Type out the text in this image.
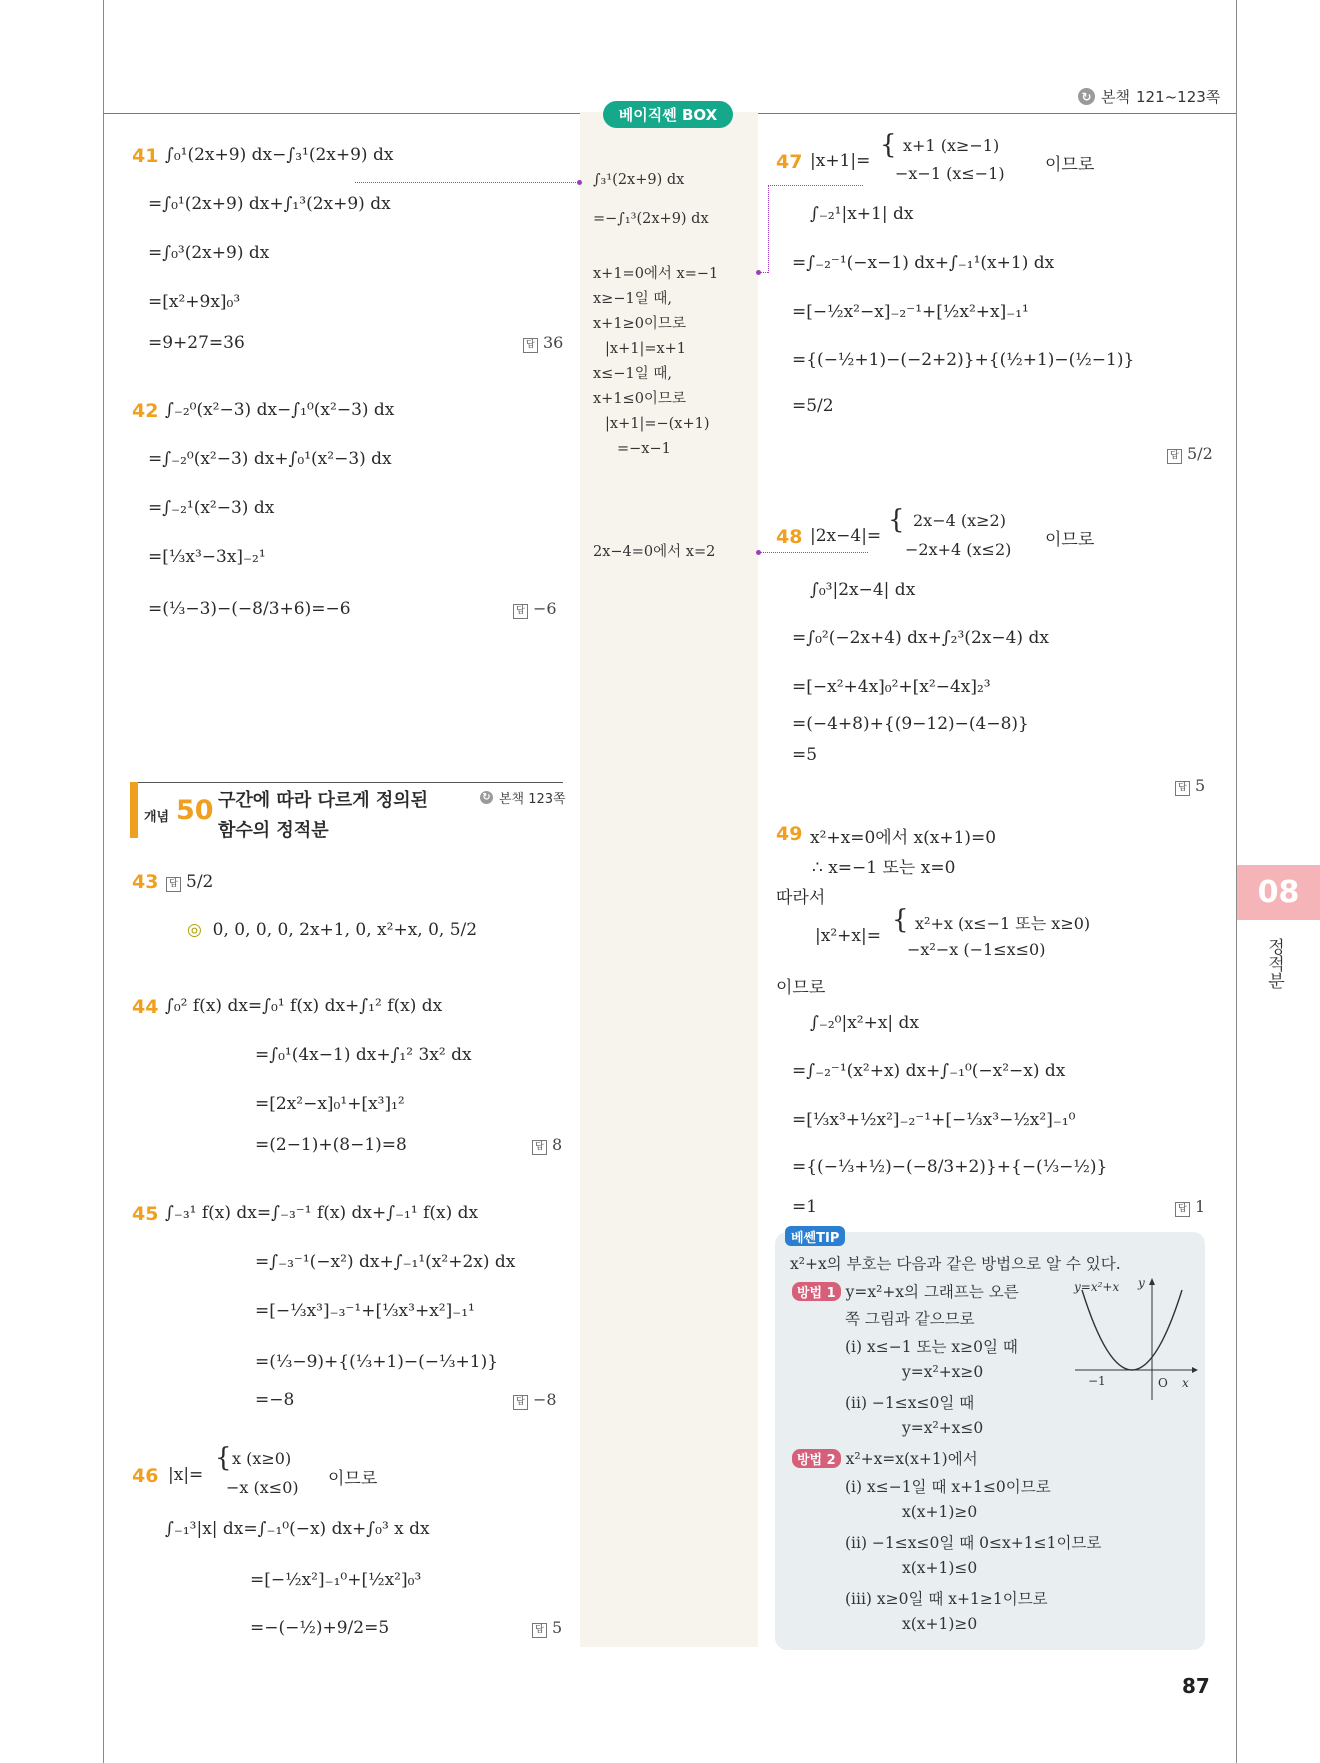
↻ 본책 121~123쪽
베이직쎈 BOX
∫₃¹(2x+9) dx
=−∫₁³(2x+9) dx
x+1=0에서 x=−1
x≥−1일 때,
x+1≥0이므로
|x+1|=x+1
x≤−1일 때,
x+1≤0이므로
|x+1|=−(x+1)
=−x−1
2x−4=0에서 x=2
41 ∫₀¹(2x+9) dx−∫₃¹(2x+9) dx
=∫₀¹(2x+9) dx+∫₁³(2x+9) dx
=∫₀³(2x+9) dx
=[x²+9x]₀³
=9+27=36	답 36
42 ∫₋₂⁰(x²−3) dx−∫₁⁰(x²−3) dx
=∫₋₂⁰(x²−3) dx+∫₀¹(x²−3) dx
=∫₋₂¹(x²−3) dx
=[⅓x³−3x]₋₂¹
=(⅓−3)−(−8/3+6)=−6	답 −6
개념 50 구간에 따라 다르게 정의된
함수의 정적분
↻ 본책 123쪽
43	답 5/2
◎ 0, 0, 0, 0, 2x+1, 0, x²+x, 0, 5/2
44 ∫₀² f(x) dx=∫₀¹ f(x) dx+∫₁² f(x) dx
=∫₀¹(4x−1) dx+∫₁² 3x² dx
=[2x²−x]₀¹+[x³]₁²
=(2−1)+(8−1)=8	답 8
45 ∫₋₃¹ f(x) dx=∫₋₃⁻¹ f(x) dx+∫₋₁¹ f(x) dx
=∫₋₃⁻¹(−x²) dx+∫₋₁¹(x²+2x) dx
=[−⅓x³]₋₃⁻¹+[⅓x³+x²]₋₁¹
=(⅓−9)+{(⅓+1)−(−⅓+1)}
=−8	답 −8
46 |x|=
{ x (x≥0)
−x (x≤0) 이므로
∫₋₁³|x| dx=∫₋₁⁰(−x) dx+∫₀³ x dx
=[−½x²]₋₁⁰+[½x²]₀³
=−(−½)+9/2=5	답 5
47 |x+1|=
{ x+1 (x≥−1)
−x−1 (x≤−1) 이므로
∫₋₂¹|x+1| dx
=∫₋₂⁻¹(−x−1) dx+∫₋₁¹(x+1) dx
=[−½x²−x]₋₂⁻¹+[½x²+x]₋₁¹
={(−½+1)−(−2+2)}+{(½+1)−(½−1)}
=5/2
답 5/2
48 |2x−4|=
{ 2x−4 (x≥2)
−2x+4 (x≤2) 이므로
∫₀³|2x−4| dx
=∫₀²(−2x+4) dx+∫₂³(2x−4) dx
=[−x²+4x]₀²+[x²−4x]₂³
=(−4+8)+{(9−12)−(4−8)}
=5
답 5
49 x²+x=0에서 x(x+1)=0
∴ x=−1 또는 x=0
따라서
|x²+x|=
{ x²+x (x≤−1 또는 x≥0)
−x²−x (−1≤x≤0)
이므로
∫₋₂⁰|x²+x| dx
=∫₋₂⁻¹(x²+x) dx+∫₋₁⁰(−x²−x) dx
=[⅓x³+½x²]₋₂⁻¹+[−⅓x³−½x²]₋₁⁰
={(−⅓+½)−(−8/3+2)}+{−(⅓−½)}
=1	답 1
베쎈TIP
x²+x의 부호는 다음과 같은 방법으로 알 수 있다.
방법 1 y=x²+x의 그래프는 오른
쪽 그림과 같으므로
(i) x≤−1 또는 x≥0일 때
y=x²+x≥0
(ii) −1≤x≤0일 때
y=x²+x≤0
방법 2 x²+x=x(x+1)에서
(i) x≤−1일 때 x+1≤0이므로
x(x+1)≥0
(ii) −1≤x≤0일 때 0≤x+1≤1이므로
x(x+1)≤0
(iii) x≥0일 때 x+1≥1이므로
x(x+1)≥0
y=x²+x y
x
O
−1
08
정적분
87
